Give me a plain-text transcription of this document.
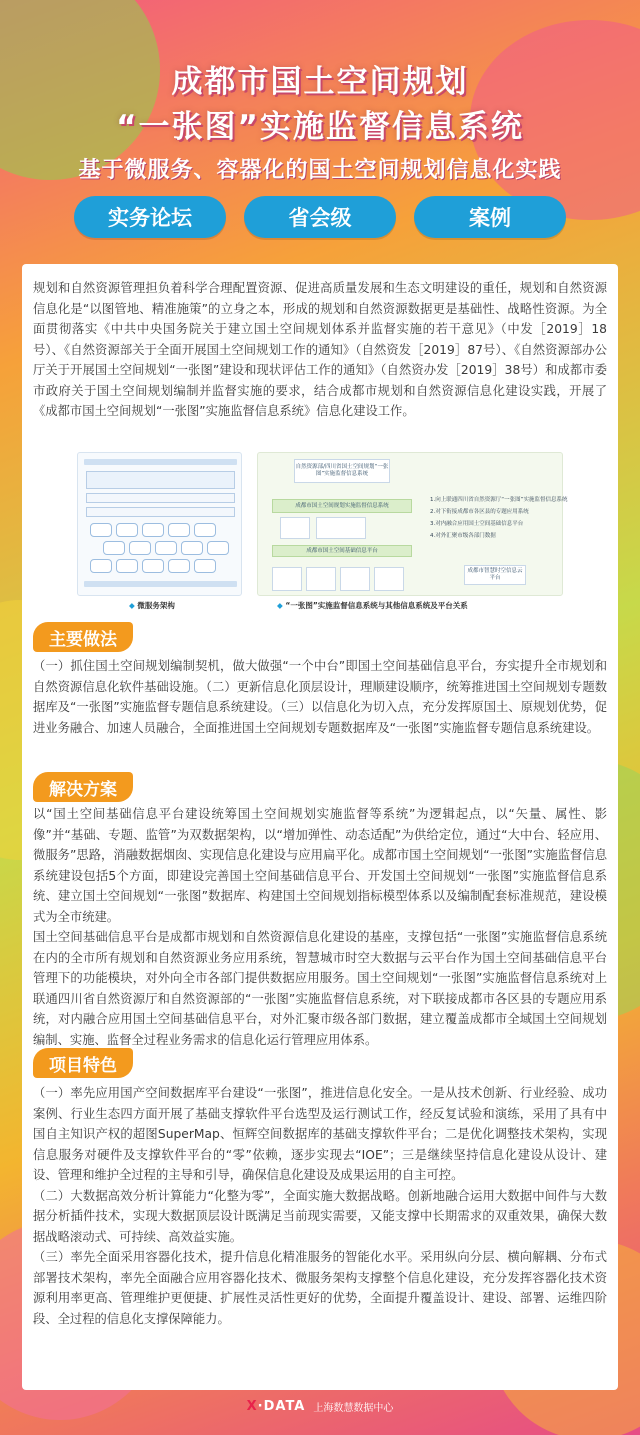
成都市国土空间规划
“一张图”实施监督信息系统
基于微服务、容器化的国土空间规划信息化实践
实务论坛	省会级	案例

规划和自然资源管理担负着科学合理配置资源、促进高质量发展和生态文明建设的重任，规划和自然资源信息化是“以图管地、精准施策”的立身之本，形成的规划和自然资源数据更是基础性、战略性资源。为全面贯彻落实《中共中央国务院关于建立国土空间规划体系并监督实施的若干意见》（中发［2019］18号）、《自然资源部关于全面开展国土空间规划工作的通知》（自然资发［2019］87号）、《自然资源部办公厅关于开展国土空间规划“一张图”建设和现状评估工作的通知》（自然资办发［2019］38号）和成都市委市政府关于国土空间规划编制并监督实施的要求，结合成都市规划和自然资源信息化建设实践，开展了《成都市国土空间规划“一张图”实施监督信息系统》信息化建设工作。

自然资源部/四川省国土空间规划“一张图”实施监督信息系统
成都市国土空间规划实施监督信息系统
成都市国土空间基础信息平台
成都市智慧时空信息云平台
1.向上联通四川省自然资源厅“一张图”实施监督信息系统
2.对下衔接成都市各区县的专题应用系统
3.对内融合应用国土空间基础信息平台
4.对外汇聚市级各部门数据
◆ 微服务架构
◆	“一张图”实施监督信息系统与其他信息系统及平台关系
主要做法

（一）抓住国土空间规划编制契机，做大做强“一个中台”即国土空间基础信息平台，夯实提升全市规划和自然资源信息化软件基础设施。（二）更新信息化顶层设计，理顺建设顺序，统筹推进国土空间规划专题数据库及“一张图”实施监督专题信息系统建设。（三）以信息化为切入点，充分发挥原国土、原规划优势，促进业务融合、加速人员融合，全面推进国土空间规划专题数据库及“一张图”实施监督专题信息系统建设。

解决方案

以“国土空间基础信息平台建设统筹国土空间规划实施监督等系统”为逻辑起点，以“矢量、属性、影像”并“基础、专题、监管”为双数据架构，以“增加弹性、动态适配”为供给定位，通过“大中台、轻应用、微服务”思路，消融数据烟囱、实现信息化建设与应用扁平化。成都市国土空间规划“一张图”实施监督信息系统建设包括5个方面，即建设完善国土空间基础信息平台、开发国土空间规划“一张图”实施监督信息系统、建立国土空间规划“一张图”数据库、构建国土空间规划指标模型体系以及编制配套标准规范，建设模式为全市统建。
国土空间基础信息平台是成都市规划和自然资源信息化建设的基座，支撑包括“一张图”实施监督信息系统在内的全市所有规划和自然资源业务应用系统，智慧城市时空大数据与云平台作为国土空间基础信息平台管理下的功能模块，对外向全市各部门提供数据应用服务。国土空间规划“一张图”实施监督信息系统对上联通四川省自然资源厅和自然资源部的“一张图”实施监督信息系统，对下联接成都市各区县的专题应用系统，对内融合应用国土空间基础信息平台，对外汇聚市级各部门数据，建立覆盖成都市全域国土空间规划编制、实施、监督全过程业务需求的信息化运行管理应用体系。

项目特色

（一）率先应用国产空间数据库平台建设“一张图”，推进信息化安全。一是从技术创新、行业经验、成功案例、行业生态四方面开展了基础支撑软件平台选型及运行测试工作，经反复试验和演练，采用了具有中国自主知识产权的超图SuperMap、恒辉空间数据库的基础支撑软件平台；二是优化调整技术架构，实现信息服务对硬件及支撑软件平台的“零”依赖，逐步实现去“IOE”；三是继续坚持信息化建设从设计、建设、管理和维护全过程的主导和引导，确保信息化建设及成果运用的自主可控。
（二）大数据高效分析计算能力“化整为零”，全面实施大数据战略。创新地融合运用大数据中间件与大数据分析插件技术，实现大数据顶层设计既满足当前现实需要，又能支撑中长期需求的双重效果，确保大数据战略滚动式、可持续、高效益实施。
（三）率先全面采用容器化技术，提升信息化精准服务的智能化水平。采用纵向分层、横向解耦、分布式部署技术架构，率先全面融合应用容器化技术、微服务架构支撑整个信息化建设，充分发挥容器化技术资源利用率更高、管理维护更便捷、扩展性灵活性更好的优势，全面提升覆盖设计、建设、部署、运维四阶段、全过程的信息化支撑保障能力。

X·DATA 上海数慧数据中心
